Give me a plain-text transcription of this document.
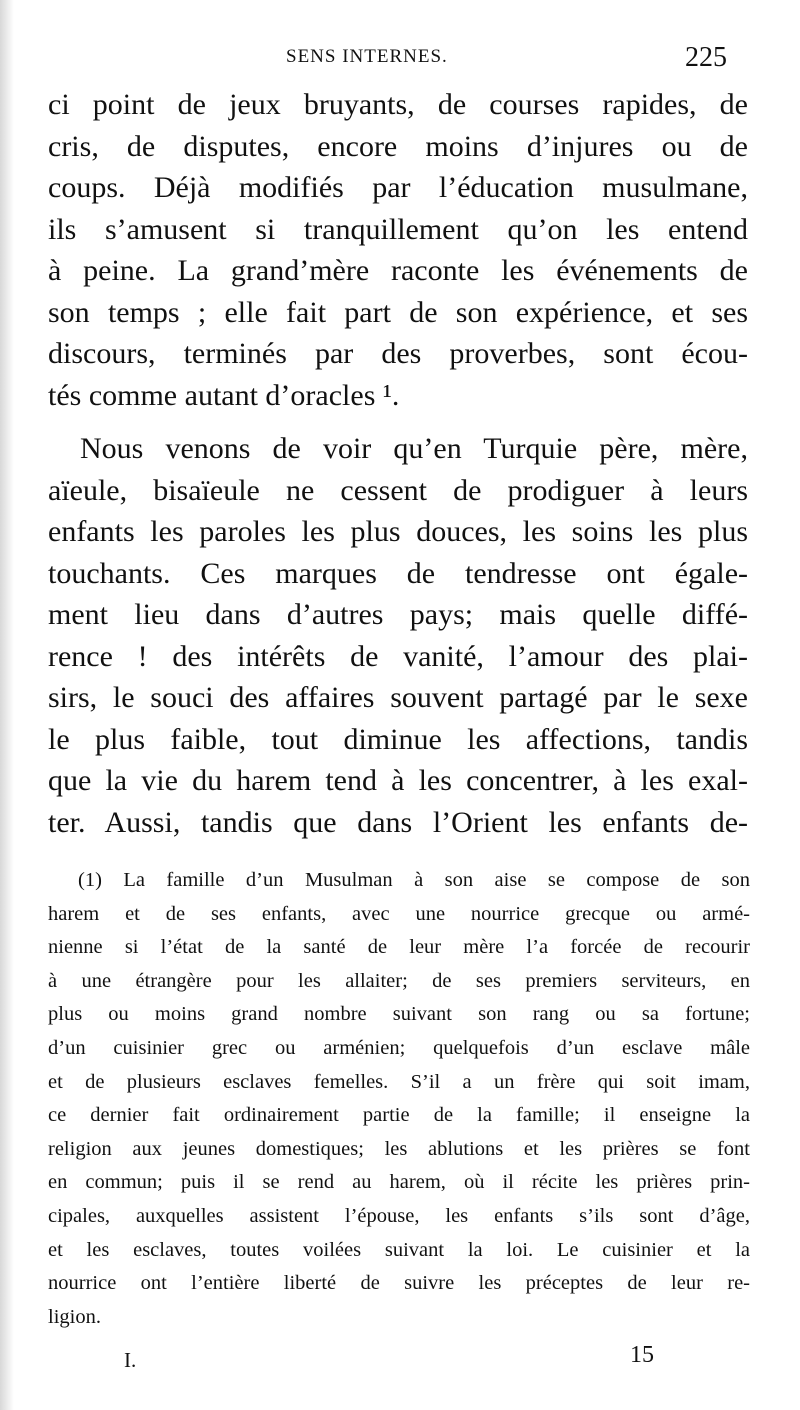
SENS INTERNES.	225
ci point de jeux bruyants, de courses rapides, de
cris, de disputes, encore moins d’injures ou de
coups. Déjà modifiés par l’éducation musulmane,
ils s’amusent si tranquillement qu’on les entend
à peine. La grand’mère raconte les événements de
son temps ; elle fait part de son expérience, et ses
discours, terminés par des proverbes, sont écou-
tés comme autant d’oracles ¹.
Nous venons de voir qu’en Turquie père, mère,
aïeule, bisaïeule ne cessent de prodiguer à leurs
enfants les paroles les plus douces, les soins les plus
touchants. Ces marques de tendresse ont égale-
ment lieu dans d’autres pays; mais quelle diffé-
rence ! des intérêts de vanité, l’amour des plai-
sirs, le souci des affaires souvent partagé par le sexe
le plus faible, tout diminue les affections, tandis
que la vie du harem tend à les concentrer, à les exal-
ter. Aussi, tandis que dans l’Orient les enfants de-
(1) La famille d’un Musulman à son aise se compose de son
harem et de ses enfants, avec une nourrice grecque ou armé-
nienne si l’état de la santé de leur mère l’a forcée de recourir
à une étrangère pour les allaiter; de ses premiers serviteurs, en
plus ou moins grand nombre suivant son rang ou sa fortune;
d’un cuisinier grec ou arménien; quelquefois d’un esclave mâle
et de plusieurs esclaves femelles. S’il a un frère qui soit imam,
ce dernier fait ordinairement partie de la famille; il enseigne la
religion aux jeunes domestiques; les ablutions et les prières se font
en commun; puis il se rend au harem, où il récite les prières prin-
cipales, auxquelles assistent l’épouse, les enfants s’ils sont d’âge,
et les esclaves, toutes voilées suivant la loi. Le cuisinier et la
nourrice ont l’entière liberté de suivre les préceptes de leur re-
ligion.
I.	15
